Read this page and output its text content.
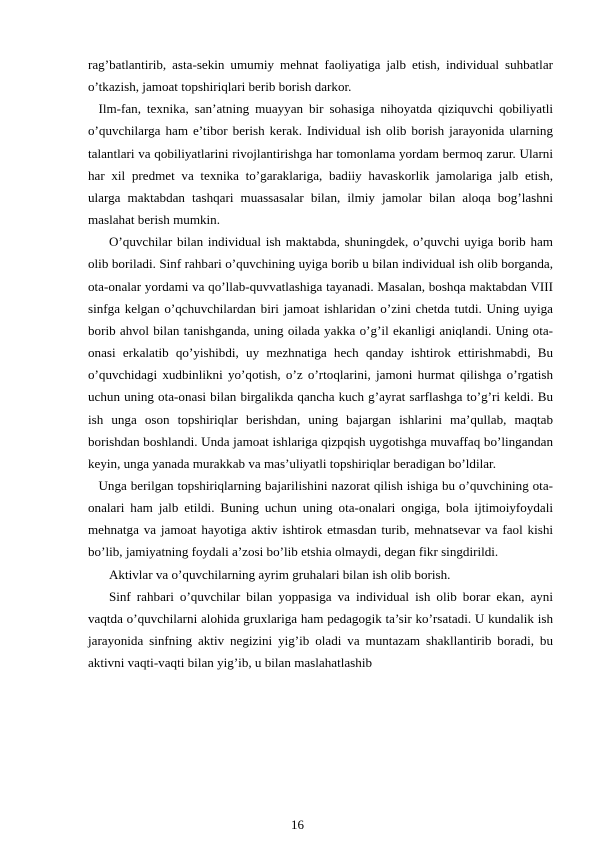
rag’batlantirib, asta-sekin umumiy mehnat faoliyatiga jalb etish, individual suhbatlar o’tkazish, jamoat topshiriqlari berib borish darkor.

Ilm-fan, texnika, san’atning muayyan bir sohasiga nihoyatda qiziquvchi qobiliyatli o’quvchilarga ham e’tibor berish kerak. Individual ish olib borish jarayonida ularning talantlari va qobiliyatlarini rivojlantirishga har tomonlama yordam bermoq zarur. Ularni har xil predmet va texnika to’garaklariga, badiiy havaskorlik jamolariga jalb etish, ularga maktabdan tashqari muassasalar bilan, ilmiy jamolar bilan aloqa bog’lashni maslahat berish mumkin.

O’quvchilar bilan individual ish maktabda, shuningdek, o’quvchi uyiga borib ham olib boriladi. Sinf rahbari o’quvchining uyiga borib u bilan individual ish olib borganda, ota-onalar yordami va qo’llab-quvvatlashiga tayanadi. Masalan, boshqa maktabdan VIII sinfga kelgan o’qchuvchilardan biri jamoat ishlaridan o’zini chetda tutdi. Uning uyiga borib ahvol bilan tanishganda, uning oilada yakka o’g’il ekanligi aniqlandi. Uning ota-onasi erkalatib qo’yishibdi, uy mezhnatiga hech qanday ishtirok ettirishmabdi, Bu o’quvchidagi xudbinlikni yo’qotish, o’z o’rtoqlarini, jamoni hurmat qilishga o’rgatish uchun uning ota-onasi bilan birgalikda qancha kuch g’ayrat sarflashga to’g’ri keldi. Bu ish unga oson topshiriqlar berishdan, uning bajargan ishlarini ma’qullab, maqtab borishdan boshlandi. Unda jamoat ishlariga qizpqish uygotishga muvaffaq bo’lingandan keyin, unga yanada murakkab va mas’uliyatli topshiriqlar beradigan bo’ldilar.

Unga berilgan topshiriqlarning bajarilishini nazorat qilish ishiga bu o’quvchining ota-onalari ham jalb etildi. Buning uchun uning ota-onalari ongiga, bola ijtimoiyfoydali mehnatga va jamoat hayotiga aktiv ishtirok etmasdan turib, mehnatsevar va faol kishi bo’lib, jamiyatning foydali a’zosi bo’lib etshia olmaydi, degan fikr singdirildi.

Aktivlar va o’quvchilarning ayrim gruhalari bilan ish olib borish.

Sinf rahbari o’quvchilar bilan yoppasiga va individual ish olib borar ekan, ayni vaqtda o’quvchilarni alohida gruxlariga ham pedagogik ta’sir ko’rsatadi. U kundalik ish jarayonida sinfning aktiv negizini yig’ib oladi va muntazam shakllantirib boradi, bu aktivni vaqti-vaqti bilan yig’ib, u bilan maslahatlashib

16
